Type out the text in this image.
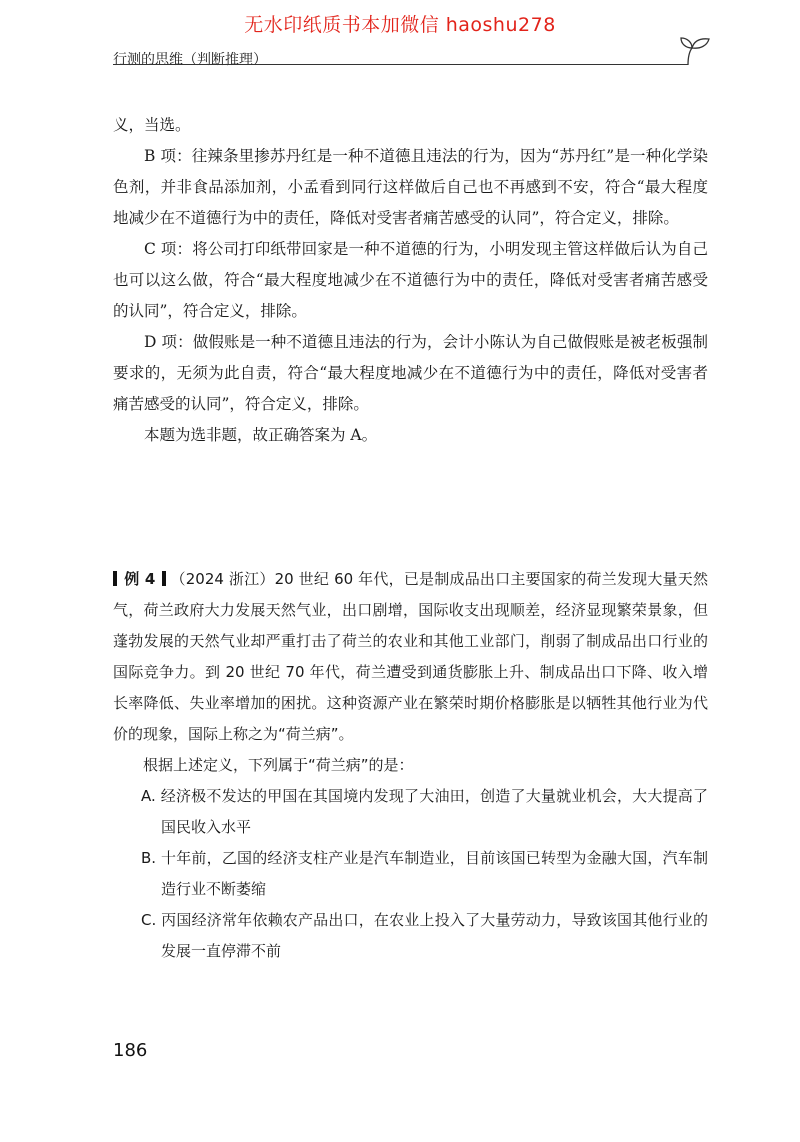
无水印纸质书本加微信 haoshu278
行测的思维（判断推理）

义，当选。

B 项：往辣条里掺苏丹红是一种不道德且违法的行为，因为“苏丹红”是一种化学染色剂，并非食品添加剂，小孟看到同行这样做后自己也不再感到不安，符合“最大程度地减少在不道德行为中的责任，降低对受害者痛苦感受的认同”，符合定义，排除。

C 项：将公司打印纸带回家是一种不道德的行为，小明发现主管这样做后认为自己也可以这么做，符合“最大程度地减少在不道德行为中的责任，降低对受害者痛苦感受的认同”，符合定义，排除。

D 项：做假账是一种不道德且违法的行为，会计小陈认为自己做假账是被老板强制要求的，无须为此自责，符合“最大程度地减少在不道德行为中的责任，降低对受害者痛苦感受的认同”，符合定义，排除。

本题为选非题，故正确答案为 A。

例 4 （2024 浙江）20 世纪 60 年代，已是制成品出口主要国家的荷兰发现大量天然气，荷兰政府大力发展天然气业，出口剧增，国际收支出现顺差，经济显现繁荣景象，但蓬勃发展的天然气业却严重打击了荷兰的农业和其他工业部门，削弱了制成品出口行业的国际竞争力。到 20 世纪 70 年代，荷兰遭受到通货膨胀上升、制成品出口下降、收入增长率降低、失业率增加的困扰。这种资源产业在繁荣时期价格膨胀是以牺牲其他行业为代价的现象，国际上称之为“荷兰病”。

根据上述定义，下列属于“荷兰病”的是：

A. 经济极不发达的甲国在其国境内发现了大油田，创造了大量就业机会，大大提高了国民收入水平

B. 十年前，乙国的经济支柱产业是汽车制造业，目前该国已转型为金融大国，汽车制造行业不断萎缩

C. 丙国经济常年依赖农产品出口，在农业上投入了大量劳动力，导致该国其他行业的发展一直停滞不前

186
